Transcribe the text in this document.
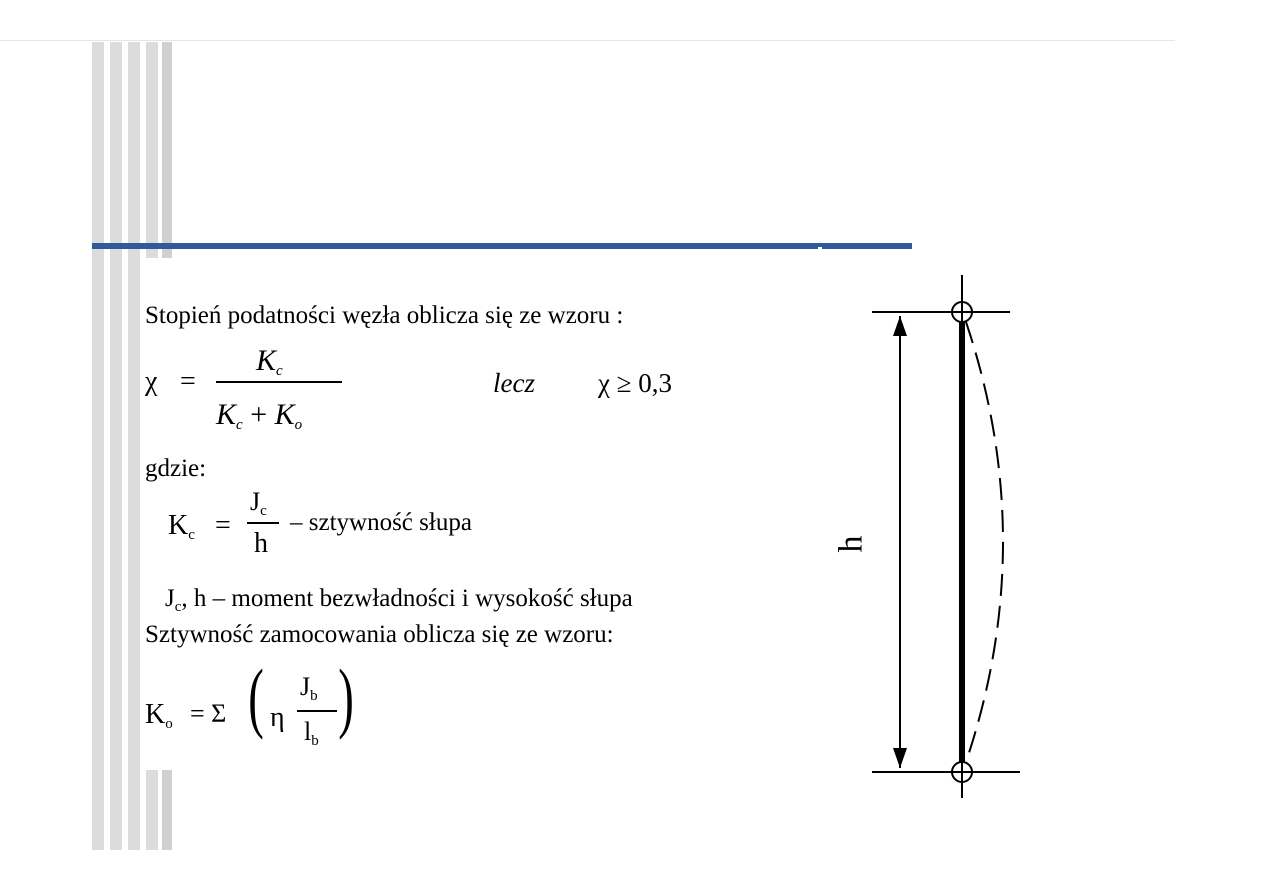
Stopień podatności węzła oblicza się ze wzoru :
χ =
$K_c$
$K_c + K_o$
lecz χ ≥ 0,3
gdzie:
$K_c$ =
$J_c$
h
– sztywność słupa
$J_c$, h – moment bezwładności i wysokość słupa
Sztywność zamocowania oblicza się ze wzoru:
$K_o = \Sigma$ ( η
$J_b$
$l_b$
)
h
